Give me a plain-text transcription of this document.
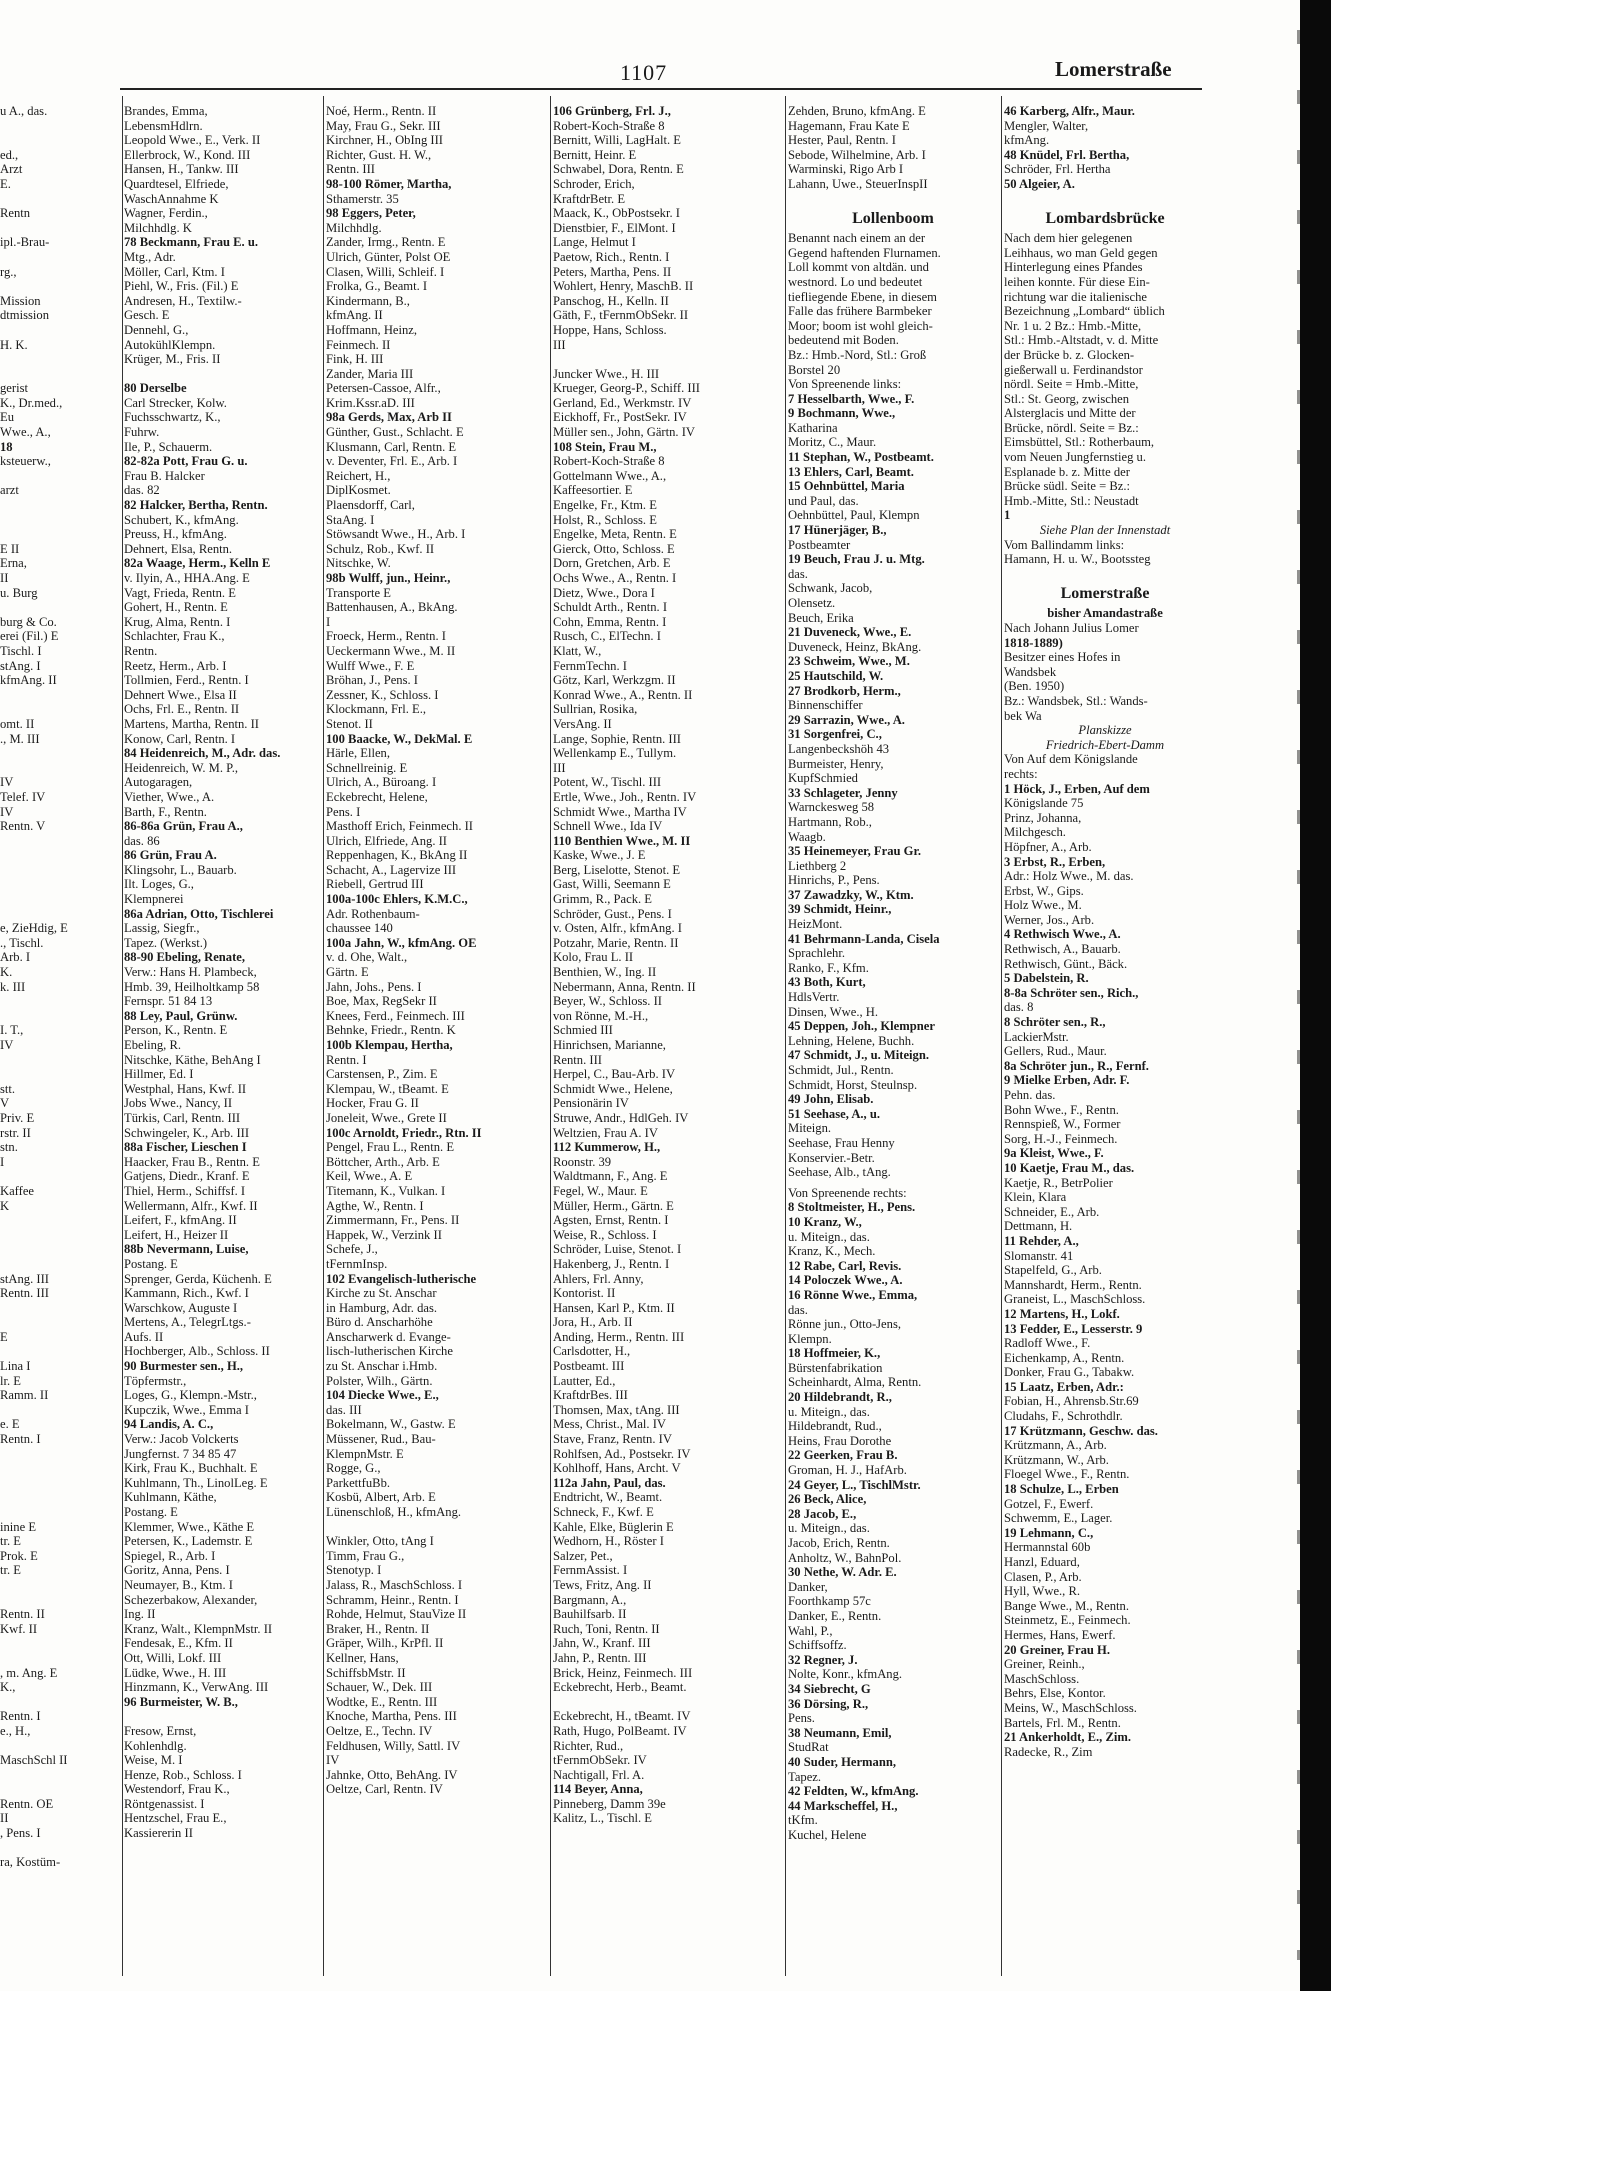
1107	Lomerstraße
u A., das.

ed.,
Arzt
E.

Rentn

ipl.-Brau-

rg.,

Mission
dtmission

H. K.

gerist
K., Dr.med.,
Eu
Wwe., A.,
18
ksteuerw.,

arzt

E II
Erna,
II
u. Burg

burg & Co.
erei (Fil.) E
Tischl. I
stAng. I
kfmAng. II

omt. II
., M. III

IV
Telef. IV
IV
Rentn. V

e, ZieHdig, E
., Tischl.
Arb. I
K.
k. III

I. T.,
IV

stt.
V
Priv. E
rstr. II
stn.
I

Kaffee
K

stAng. III
Rentn. III

E

Lina I
lr. E
Ramm. II

e. E
Rentn. I

inine E
tr. E
Prok. E
tr. E

Rentn. II
Kwf. II

, m. Ang. E
K.,

Rentn. I
e., H.,

MaschSchl II

Rentn. OE
II
, Pens. I

ra, Kostüm-
Brandes, Emma,
LebensmHdlrn.
Leopold Wwe., E., Verk. II
Ellerbrock, W., Kond. III
Hansen, H., Tankw. III
Quardtesel, Elfriede,
WaschAnnahme K
Wagner, Ferdin.,
Milchhdlg. K
78 Beckmann, Frau E. u.
Mtg., Adr.
Möller, Carl, Ktm. I
Piehl, W., Fris. (Fil.) E
Andresen, H., Textilw.-
Gesch. E
Dennehl, G.,
AutokühlKlempn.
Krüger, M., Fris. II

80 Derselbe
Carl Strecker, Kolw.
Fuchsschwartz, K.,
Fuhrw.
Ile, P., Schauerm.
82-82a Pott, Frau G. u.
Frau B. Halcker
das. 82
82 Halcker, Bertha, Rentn.
Schubert, K., kfmAng.
Preuss, H., kfmAng.
Dehnert, Elsa, Rentn.
82a Waage, Herm., Kelln E
v. Ilyin, A., HHA.Ang. E
Vagt, Frieda, Rentn. E
Gohert, H., Rentn. E
Krug, Alma, Rentn. I
Schlachter, Frau K.,
Rentn.
Reetz, Herm., Arb. I
Tollmien, Ferd., Rentn. I
Dehnert Wwe., Elsa II
Ochs, Frl. E., Rentn. II
Martens, Martha, Rentn. II
Konow, Carl, Rentn. I
84 Heidenreich, M., Adr. das.
Heidenreich, W. M. P.,
Autogaragen,
Viether, Wwe., A.
Barth, F., Rentn.
86-86a Grün, Frau A.,
das. 86
86 Grün, Frau A.
Klingsohr, L., Bauarb.
Ilt. Loges, G.,
Klempnerei
86a Adrian, Otto, Tischlerei
Lassig, Siegfr.,
Tapez. (Werkst.)
88-90 Ebeling, Renate,
Verw.: Hans H. Plambeck,
Hmb. 39, Heilholtkamp 58
Fernspr. 51 84 13
88 Ley, Paul, Grünw.
Person, K., Rentn. E
Ebeling, R.
Nitschke, Käthe, BehAng I
Hillmer, Ed. I
Westphal, Hans, Kwf. II
Jobs Wwe., Nancy, II
Türkis, Carl, Rentn. III
Schwingeler, K., Arb. III
88a Fischer, Lieschen I
Haacker, Frau B., Rentn. E
Gatjens, Diedr., Kranf. E
Thiel, Herm., Schiffsf. I
Wellermann, Alfr., Kwf. II
Leifert, F., kfmAng. II
Leifert, H., Heizer II
88b Nevermann, Luise,
Postang. E
Sprenger, Gerda, Küchenh. E
Kammann, Rich., Kwf. I
Warschkow, Auguste I
Mertens, A., TelegrLtgs.-
Aufs. II
Hochberger, Alb., Schloss. II
90 Burmester sen., H.,
Töpfermstr.,
Loges, G., Klempn.-Mstr.,
Kupczik, Wwe., Emma I
94 Landis, A. C.,
Verw.: Jacob Volckerts
Jungfernst. 7 34 85 47
Kirk, Frau K., Buchhalt. E
Kuhlmann, Th., LinolLeg. E
Kuhlmann, Käthe,
Postang. E
Klemmer, Wwe., Käthe E
Petersen, K., Lademstr. E
Spiegel, R., Arb. I
Goritz, Anna, Pens. I
Neumayer, B., Ktm. I
Schezerbakow, Alexander,
Ing. II
Kranz, Walt., KlempnMstr. II
Fendesak, E., Kfm. II
Ott, Willi, Lokf. III
Lüdke, Wwe., H. III
Hinzmann, K., VerwAng. III
96 Burmeister, W. B.,

Fresow, Ernst,
Kohlenhdlg.
Weise, M. I
Henze, Rob., Schloss. I
Westendorf, Frau K.,
Röntgenassist. I
Hentzschel, Frau E.,
Kassiererin II
Noé, Herm., Rentn. II
May, Frau G., Sekr. III
Kirchner, H., ObIng III
Richter, Gust. H. W.,
Rentn. III
98-100 Römer, Martha,
Sthamerstr. 35
98 Eggers, Peter,
Milchhdlg.
Zander, Irmg., Rentn. E
Ulrich, Günter, Polst OE
Clasen, Willi, Schleif. I
Frolka, G., Beamt. I
Kindermann, B.,
kfmAng. II
Hoffmann, Heinz,
Feinmech. II
Fink, H. III
Zander, Maria III
Petersen-Cassoe, Alfr.,
Krim.Kssr.aD. III
98a Gerds, Max, Arb II
Günther, Gust., Schlacht. E
Klusmann, Carl, Rentn. E
v. Deventer, Frl. E., Arb. I
Reichert, H.,
DiplKosmet.
Plaensdorff, Carl,
StaAng. I
Stöwsandt Wwe., H., Arb. I
Schulz, Rob., Kwf. II
Nitschke, W.
98b Wulff, jun., Heinr.,
Transporte E
Battenhausen, A., BkAng.
I
Froeck, Herm., Rentn. I
Ueckermann Wwe., M. II
Wulff Wwe., F. E
Bröhan, J., Pens. I
Zessner, K., Schloss. I
Klockmann, Frl. E.,
Stenot. II
100 Baacke, W., DekMal. E
Härle, Ellen,
Schnellreinig. E
Ulrich, A., Büroang. I
Eckebrecht, Helene,
Pens. I
Masthoff Erich, Feinmech. II
Ulrich, Elfriede, Ang. II
Reppenhagen, K., BkAng II
Schacht, A., Lagervize III
Riebell, Gertrud III
100a-100c Ehlers, K.M.C.,
Adr. Rothenbaum-
chaussee 140
100a Jahn, W., kfmAng. OE
v. d. Ohe, Walt.,
Gärtn. E
Jahn, Johs., Pens. I
Boe, Max, RegSekr II
Knees, Ferd., Feinmech. III
Behnke, Friedr., Rentn. K
100b Klempau, Hertha,
Rentn. I
Carstensen, P., Zim. E
Klempau, W., tBeamt. E
Hocker, Frau G. II
Joneleit, Wwe., Grete II
100c Arnoldt, Friedr., Rtn. II
Pengel, Frau L., Rentn. E
Böttcher, Arth., Arb. E
Keil, Wwe., A. E
Titemann, K., Vulkan. I
Agthe, W., Rentn. I
Zimmermann, Fr., Pens. II
Happek, W., Verzink II
Schefe, J.,
tFernmInsp.
102 Evangelisch-lutherische
Kirche zu St. Anschar
in Hamburg, Adr. das.
Büro d. Anscharhöhe
Anscharwerk d. Evange-
lisch-lutherischen Kirche
zu St. Anschar i.Hmb.
Polster, Wilh., Gärtn.
104 Diecke Wwe., E.,
das. III
Bokelmann, W., Gastw. E
Müssener, Rud., Bau-
KlempnMstr. E
Rogge, G.,
ParkettfuBb.
Kosbü, Albert, Arb. E
Lünenschloß, H., kfmAng.

Winkler, Otto, tAng I
Timm, Frau G.,
Stenotyp. I
Jalass, R., MaschSchloss. I
Schramm, Heinr., Rentn. I
Rohde, Helmut, StauVize II
Braker, H., Rentn. II
Gräper, Wilh., KrPfl. II
Kellner, Hans,
SchiffsbMstr. II
Schauer, W., Dek. III
Wodtke, E., Rentn. III
Knoche, Martha, Pens. III
Oeltze, E., Techn. IV
Feldhusen, Willy, Sattl. IV
IV
Jahnke, Otto, BehAng. IV
Oeltze, Carl, Rentn. IV
106 Grünberg, Frl. J.,
Robert-Koch-Straße 8
Bernitt, Willi, LagHalt. E
Bernitt, Heinr. E
Schwabel, Dora, Rentn. E
Schroder, Erich,
KraftdrBetr. E
Maack, K., ObPostsekr. I
Dienstbier, F., ElMont. I
Lange, Helmut I
Paetow, Rich., Rentn. I
Peters, Martha, Pens. II
Wohlert, Henry, MaschB. II
Panschog, H., Kelln. II
Gäth, F., tFernmObSekr. II
Hoppe, Hans, Schloss.
III

Juncker Wwe., H. III
Krueger, Georg-P., Schiff. III
Gerland, Ed., Werkmstr. IV
Eickhoff, Fr., PostSekr. IV
Müller sen., John, Gärtn. IV
108 Stein, Frau M.,
Robert-Koch-Straße 8
Gottelmann Wwe., A.,
Kaffeesortier. E
Engelke, Fr., Ktm. E
Holst, R., Schloss. E
Engelke, Meta, Rentn. E
Gierck, Otto, Schloss. E
Dorn, Gretchen, Arb. E
Ochs Wwe., A., Rentn. I
Dietz, Wwe., Dora I
Schuldt Arth., Rentn. I
Cohn, Emma, Rentn. I
Rusch, C., ElTechn. I
Klatt, W.,
FernmTechn. I
Götz, Karl, Werkzgm. II
Konrad Wwe., A., Rentn. II
Sullrian, Rosika,
VersAng. II
Lange, Sophie, Rentn. III
Wellenkamp E., Tullym.
III
Potent, W., Tischl. III
Ertle, Wwe., Joh., Rentn. IV
Schmidt Wwe., Martha IV
Schnell Wwe., Ida IV
110 Benthien Wwe., M. II
Kaske, Wwe., J. E
Berg, Liselotte, Stenot. E
Gast, Willi, Seemann E
Grimm, R., Pack. E
Schröder, Gust., Pens. I
v. Osten, Alfr., kfmAng. I
Potzahr, Marie, Rentn. II
Kolo, Frau L. II
Benthien, W., Ing. II
Nebermann, Anna, Rentn. II
Beyer, W., Schloss. II
von Rönne, M.-H.,
Schmied III
Hinrichsen, Marianne,
Rentn. III
Herpel, C., Bau-Arb. IV
Schmidt Wwe., Helene,
Pensionärin IV
Struwe, Andr., HdlGeh. IV
Weltzien, Frau A. IV
112 Kummerow, H.,
Roonstr. 39
Waldtmann, F., Ang. E
Fegel, W., Maur. E
Müller, Herm., Gärtn. E
Agsten, Ernst, Rentn. I
Weise, R., Schloss. I
Schröder, Luise, Stenot. I
Hakenberg, J., Rentn. I
Ahlers, Frl. Anny,
Kontorist. II
Hansen, Karl P., Ktm. II
Jora, H., Arb. II
Anding, Herm., Rentn. III
Carlsdotter, H.,
Postbeamt. III
Lautter, Ed.,
KraftdrBes. III
Thomsen, Max, tAng. III
Mess, Christ., Mal. IV
Stave, Franz, Rentn. IV
Rohlfsen, Ad., Postsekr. IV
Kohlhoff, Hans, Archt. V
112a Jahn, Paul, das.
Endtricht, W., Beamt.
Schneck, F., Kwf. E
Kahle, Elke, Büglerin E
Wedhorn, H., Röster I
Salzer, Pet.,
FernmAssist. I
Tews, Fritz, Ang. II
Bargmann, A.,
Bauhilfsarb. II
Ruch, Toni, Rentn. II
Jahn, W., Kranf. III
Jahn, P., Rentn. III
Brick, Heinz, Feinmech. III
Eckebrecht, Herb., Beamt.

Eckebrecht, H., tBeamt. IV
Rath, Hugo, PolBeamt. IV
Richter, Rud.,
tFernmObSekr. IV
Nachtigall, Frl. A.
114 Beyer, Anna,
Pinneberg, Damm 39e
Kalitz, L., Tischl. E
Zehden, Bruno, kfmAng. E
Hagemann, Frau Kate E
Hester, Paul, Rentn. I
Sebode, Wilhelmine, Arb. I
Warminski, Rigo Arb I
Lahann, Uwe., SteuerInspII

Lollenboom
Benannt nach einem an der
Gegend haftenden Flurnamen.
Loll kommt von altdän. und
westnord. Lo und bedeutet
tiefliegende Ebene, in diesem
Falle das frühere Barmbeker
Moor; boom ist wohl gleich-
bedeutend mit Boden.
Bz.: Hmb.-Nord, Stl.: Groß
Borstel 20
Von Spreenende links:
7 Hesselbarth, Wwe., F.
9 Bochmann, Wwe.,
Katharina
Moritz, C., Maur.
11 Stephan, W., Postbeamt.
13 Ehlers, Carl, Beamt.
15 Oehnbüttel, Maria
und Paul, das.
Oehnbüttel, Paul, Klempn
17 Hünerjäger, B.,
Postbeamter
19 Beuch, Frau J. u. Mtg.
das.
Schwank, Jacob,
Olensetz.
Beuch, Erika
21 Duveneck, Wwe., E.
Duveneck, Heinz, BkAng.
23 Schweim, Wwe., M.
25 Hautschild, W.
27 Brodkorb, Herm.,
Binnenschiffer
29 Sarrazin, Wwe., A.
31 Sorgenfrei, C.,
Langenbeckshöh 43
Burmeister, Henry,
KupfSchmied
33 Schlageter, Jenny
Warnckesweg 58
Hartmann, Rob.,
Waagb.
35 Heinemeyer, Frau Gr.
Liethberg 2
Hinrichs, P., Pens.
37 Zawadzky, W., Ktm.
39 Schmidt, Heinr.,
HeizMont.
41 Behrmann-Landa, Cisela
Sprachlehr.
Ranko, F., Kfm.
43 Both, Kurt,
HdlsVertr.
Dinsen, Wwe., H.
45 Deppen, Joh., Klempner
Lehning, Helene, Buchh.
47 Schmidt, J., u. Miteign.
Schmidt, Jul., Rentn.
Schmidt, Horst, Steulnsp.
49 John, Elisab.
51 Seehase, A., u.
Miteign.
Seehase, Frau Henny
Konservier.-Betr.
Seehase, Alb., tAng.

Von Spreenende rechts:
8 Stoltmeister, H., Pens.
10 Kranz, W.,
u. Miteign., das.
Kranz, K., Mech.
12 Rabe, Carl, Revis.
14 Poloczek Wwe., A.
16 Rönne Wwe., Emma,
das.
Rönne jun., Otto-Jens,
Klempn.
18 Hoffmeier, K.,
Bürstenfabrikation
Scheinhardt, Alma, Rentn.
20 Hildebrandt, R.,
u. Miteign., das.
Hildebrandt, Rud.,
Heins, Frau Dorothe
22 Geerken, Frau B.
Groman, H. J., HafArb.
24 Geyer, L., TischlMstr.
26 Beck, Alice,
28 Jacob, E.,
u. Miteign., das.
Jacob, Erich, Rentn.
Anholtz, W., BahnPol.
30 Nethe, W. Adr. E.
Danker,
Foorthkamp 57c
Danker, E., Rentn.
Wahl, P.,
Schiffsoffz.
32 Regner, J.
Nolte, Konr., kfmAng.
34 Siebrecht, G
36 Dörsing, R.,
Pens.
38 Neumann, Emil,
StudRat
40 Suder, Hermann,
Tapez.
42 Feldten, W., kfmAng.
44 Markscheffel, H.,
tKfm.
Kuchel, Helene
46 Karberg, Alfr., Maur.
Mengler, Walter,
kfmAng.
48 Knüdel, Frl. Bertha,
Schröder, Frl. Hertha
50 Algeier, A.

Lombardsbrücke
Nach dem hier gelegenen
Leihhaus, wo man Geld gegen
Hinterlegung eines Pfandes
leihen konnte. Für diese Ein-
richtung war die italienische
Bezeichnung „Lombard“ üblich
Nr. 1 u. 2 Bz.: Hmb.-Mitte,
Stl.: Hmb.-Altstadt, v. d. Mitte
der Brücke b. z. Glocken-
gießerwall u. Ferdinandstor
nördl. Seite = Hmb.-Mitte,
Stl.: St. Georg, zwischen
Alsterglacis und Mitte der
Brücke, nördl. Seite = Bz.:
Eimsbüttel, Stl.: Rotherbaum,
vom Neuen Jungfernstieg u.
Esplanade b. z. Mitte der
Brücke südl. Seite = Bz.:
Hmb.-Mitte, Stl.: Neustadt
1
Siehe Plan der Innenstadt
Vom Ballindamm links:
Hamann, H. u. W., Bootssteg

Lomerstraße
bisher Amandastraße
Nach Johann Julius Lomer
1818-1889)
Besitzer eines Hofes in
Wandsbek
(Ben. 1950)
Bz.: Wandsbek, Stl.: Wands-
bek Wa
Planskizze
Friedrich-Ebert-Damm
Von Auf dem Königslande
rechts:
1 Höck, J., Erben, Auf dem
Königslande 75
Prinz, Johanna,
Milchgesch.
Höpfner, A., Arb.
3 Erbst, R., Erben,
Adr.: Holz Wwe., M. das.
Erbst, W., Gips.
Holz Wwe., M.
Werner, Jos., Arb.
4 Rethwisch Wwe., A.
Rethwisch, A., Bauarb.
Rethwisch, Günt., Bäck.
5 Dabelstein, R.
8-8a Schröter sen., Rich.,
das. 8
8 Schröter sen., R.,
LackierMstr.
Gellers, Rud., Maur.
8a Schröter jun., R., Fernf.
9 Mielke Erben, Adr. F.
Pehn. das.
Bohn Wwe., F., Rentn.
Rennspieß, W., Former
Sorg, H.-J., Feinmech.
9a Kleist, Wwe., F.
10 Kaetje, Frau M., das.
Kaetje, R., BetrPolier
Klein, Klara
Schneider, E., Arb.
Dettmann, H.
11 Rehder, A.,
Slomanstr. 41
Stapelfeld, G., Arb.
Mannshardt, Herm., Rentn.
Graneist, L., MaschSchloss.
12 Martens, H., Lokf.
13 Fedder, E., Lesserstr. 9
Radloff Wwe., F.
Eichenkamp, A., Rentn.
Donker, Frau G., Tabakw.
15 Laatz, Erben, Adr.:
Fobian, H., Ahrensb.Str.69
Cludahs, F., Schrothdlr.
17 Krützmann, Geschw. das.
Krützmann, A., Arb.
Krützmann, W., Arb.
Floegel Wwe., F., Rentn.
18 Schulze, L., Erben
Gotzel, F., Ewerf.
Schwemm, E., Lager.
19 Lehmann, C.,
Hermannstal 60b
Hanzl, Eduard,
Clasen, P., Arb.
Hyll, Wwe., R.
Bange Wwe., M., Rentn.
Steinmetz, E., Feinmech.
Hermes, Hans, Ewerf.
20 Greiner, Frau H.
Greiner, Reinh.,
MaschSchloss.
Behrs, Else, Kontor.
Meins, W., MaschSchloss.
Bartels, Frl. M., Rentn.
21 Ankerholdt, E., Zim.
Radecke, R., Zim
